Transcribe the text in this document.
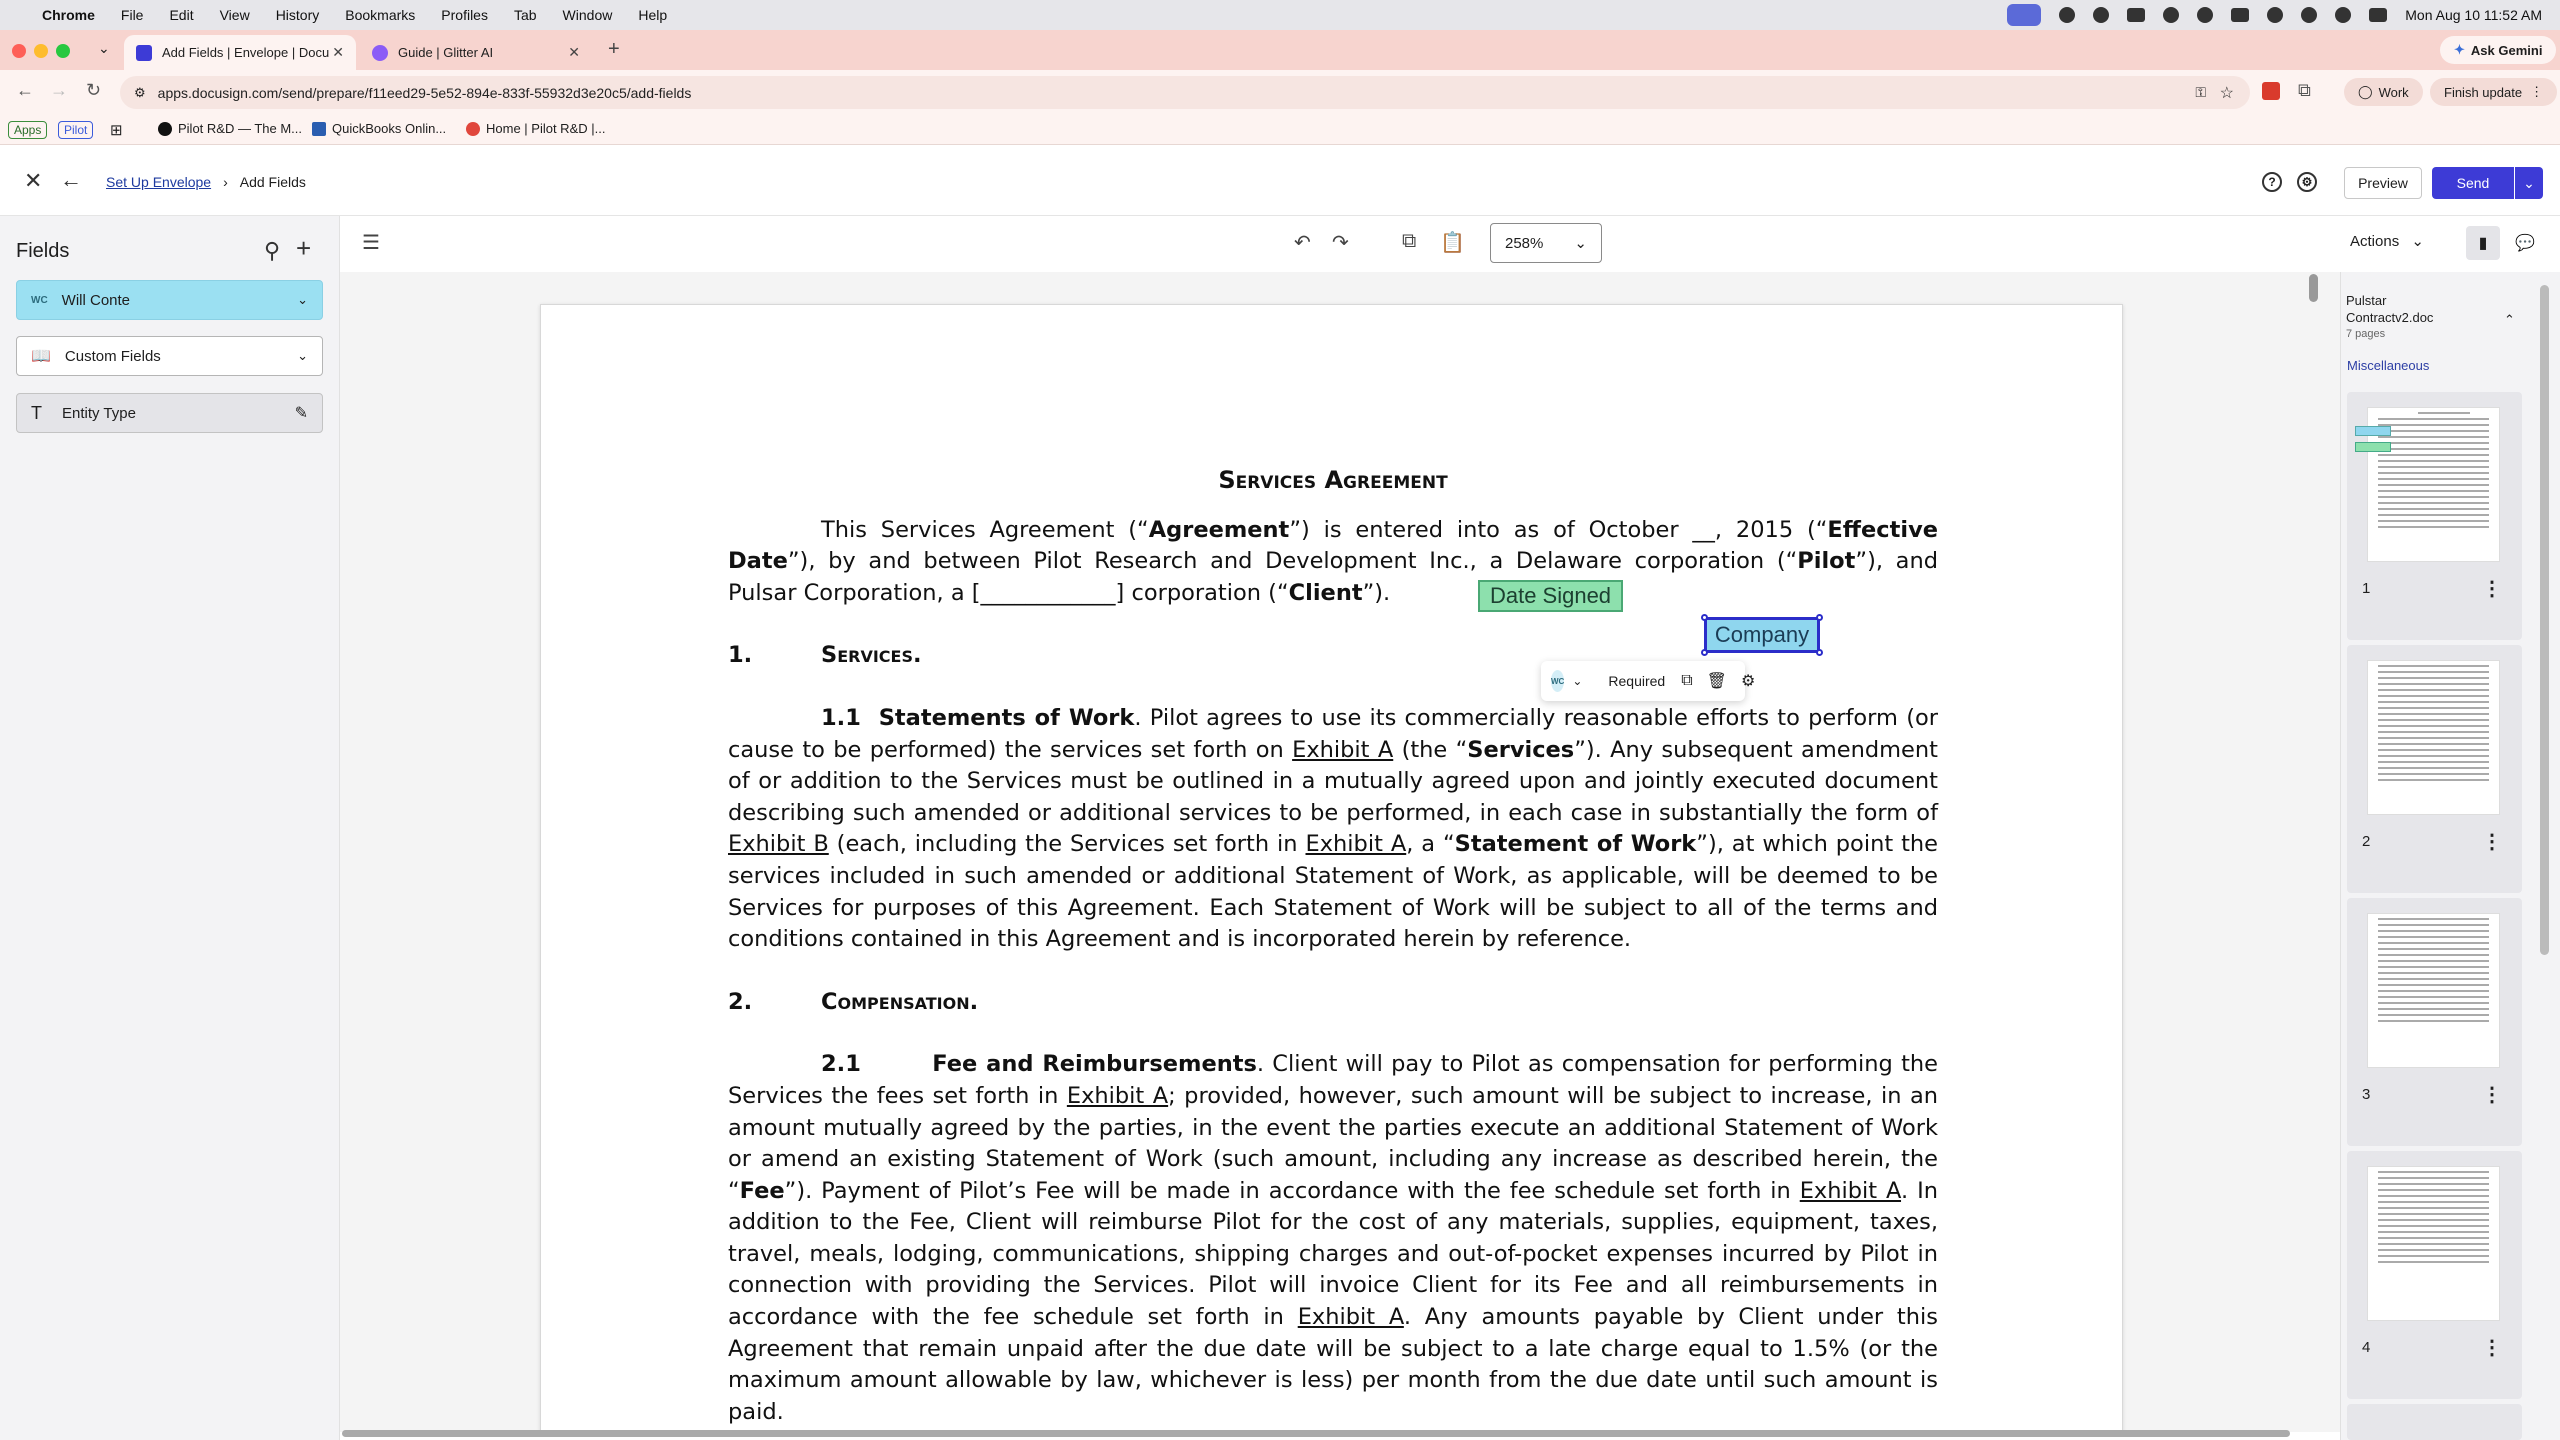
Chrome File Edit View History Bookmarks Profiles Tab Window Help	Mon Aug 10 11:52 AM
⌄	Add Fields | Envelope | Docu ✕	Guide | Glitter AI	✕ +	✦ Ask Gemini
← → ↻	⚙ apps.docusign.com/send/prepare/f11eed29-5e52-894e-833f-55932d3e20c5/add-fields	⚿ ☆	⧉	◯ Work	Finish update ⋮
Apps	Pilot	⊞	Pilot R&D — The M... QuickBooks Onlin...	Home | Pilot R&D |...
✕ ← Set Up Envelope › Add Fields	?	⚙	Preview	Send	⌄
Fields	⚲ +
WC Will Conte	⌄
📖 Custom Fields	⌄
T Entity Type	✎
☰	↶ ↷	⧉ 📋	258% ⌄	Actions ⌄	▮	💬
Services Agreement

This Services Agreement (“Agreement”) is entered into as of October __, 2015 (“Effective Date”), by and between Pilot Research and Development Inc., a Delaware corporation (“Pilot”), and Pulsar Corporation, a [____________] corporation (“Client”).

1.	Services.

1.1 Statements of Work. Pilot agrees to use its commercially reasonable efforts to perform (or cause to be performed) the services set forth on Exhibit A (the “Services”). Any subsequent amendment of or addition to the Services must be outlined in a mutually agreed upon and jointly executed document describing such amended or additional services to be performed, in each case in substantially the form of Exhibit B (each, including the Services set forth in Exhibit A, a “Statement of Work”), at which point the services included in such amended or additional Statement of Work, as applicable, will be deemed to be Services for purposes of this Agreement. Each Statement of Work will be subject to all of the terms and conditions contained in this Agreement and is incorporated herein by reference.

2.	Compensation.

2.1	Fee and Reimbursements. Client will pay to Pilot as compensation for performing the Services the fees set forth in Exhibit A; provided, however, such amount will be subject to increase, in an amount mutually agreed by the parties, in the event the parties execute an additional Statement of Work or amend an existing Statement of Work (such amount, including any increase as described herein, the “Fee”). Payment of Pilot’s Fee will be made in accordance with the fee schedule set forth in Exhibit A. In addition to the Fee, Client will reimburse Pilot for the cost of any materials, supplies, equipment, taxes, travel, meals, lodging, communications, shipping charges and out-of-pocket expenses incurred by Pilot in connection with providing the Services. Pilot will invoice Client for its Fee and all reimbursements in accordance with the fee schedule set forth in Exhibit A. Any amounts payable by Client under this Agreement that remain unpaid after the due date will be subject to a late charge equal to 1.5% (or the maximum amount allowable by law, whichever is less) per month from the due date until such amount is paid.

Date Signed
Company
WC ⌄ Required ⧉ 🗑 ⚙
Pulstar Contractv2.doc	⌃
7 pages
Miscellaneous
1	⋮
2	⋮
3	⋮
4	⋮
